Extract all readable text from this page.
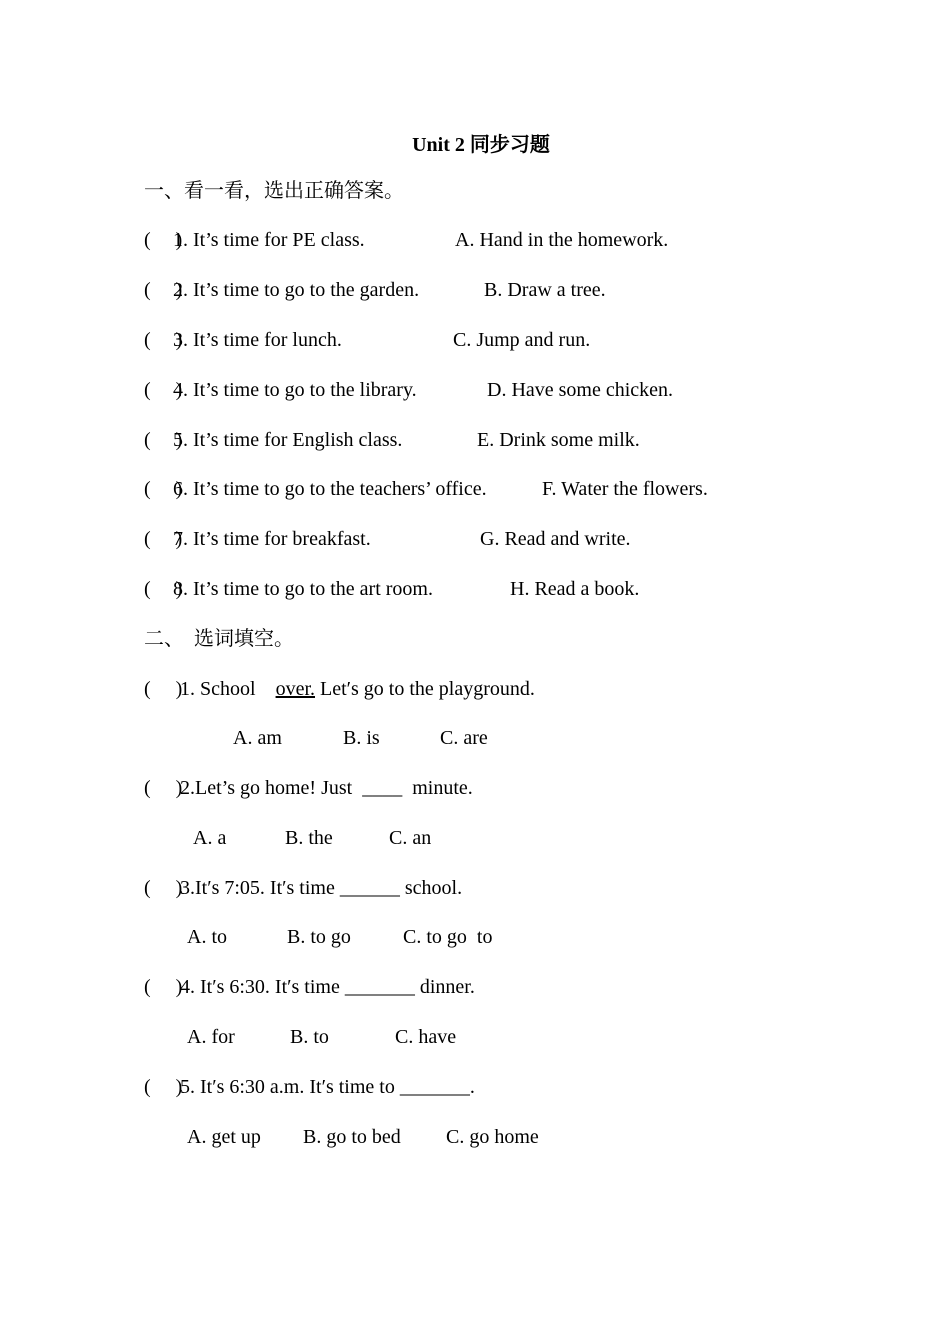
Unit 2 同步习题
一、看一看，选出正确答案。
(     )
1. It’s time for PE class.	A. Hand in the homework.
(     )
2. It’s time to go to the garden.	B. Draw a tree.
(     )
3. It’s time for lunch.	C. Jump and run.
(     )
4. It’s time to go to the library.	D. Have some chicken.
(     )
5. It’s time for English class.	E. Drink some milk.
(     )
6. It’s time to go to the teachers’ office.	F. Water the flowers.
(     )
7. It’s time for breakfast.	G. Read and write.
(     )
8. It’s time to go to the art room.	H. Read a book.
二、  选词填空。
(     )
1. School    over. Let′s go to the playground.
A. am	B. is	C. are
(     )
2.Let’s go home! Just  ____  minute.
A. a	B. the	C. an
(     )
3.It′s 7:05. It′s time ______ school.
A. to	B. to go	C. to go  to
(     )
4. It′s 6:30. It′s time _______ dinner.
A. for	B. to	C. have
(     )
5. It′s 6:30 a.m. It′s time to _______.
A. get up B. go to bed C. go home
